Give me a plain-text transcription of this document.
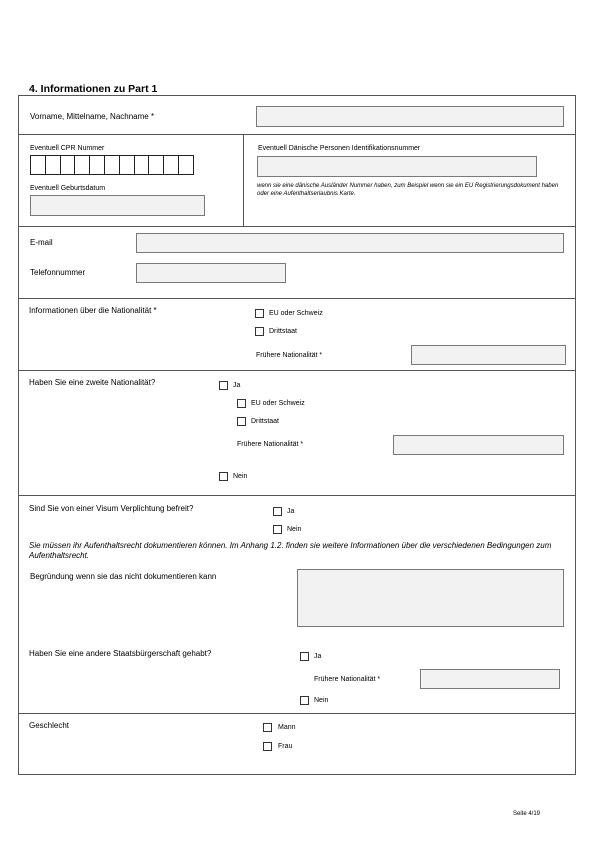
4. Informationen zu Part 1
Vorname, Mittelname, Nachname *
Eventuell CPR Nummer
Eventuell Geburtsdatum
Eventuell Dänische Personen Identifikationsnummer
wenn sie eine dänische Ausländer Nummer haben, zum Beispiel wenn sie ein EU Registrierungsdokument haben oder eine Aufenthaltserlaubnis Karte.
E-mail
Telefonnummer
Informationen über die Nationalität *	EU oder Schweiz
Drittstaat
Frühere Nationalität *
Haben Sie eine zweite Nationalität?	Ja
EU oder Schweiz
Drittstaat
Frühere Nationalität *
Nein
Sind Sie von einer Visum Verplichtung befreit?	Ja
Nein
Sie müssen ihr Aufenthaltsrecht dokumentieren können. Im Anhang 1.2. finden sie weitere Informationen über die verschiedenen Bedingungen zum Aufenthaltsrecht.
Begründung wenn sie das nicht dokumentieren kann
Haben Sie eine andere Staatsbürgerschaft gehabt?	Ja
Frühere Nationalität *
Nein
Geschlecht	Mann
Frau
Seite 4/19
